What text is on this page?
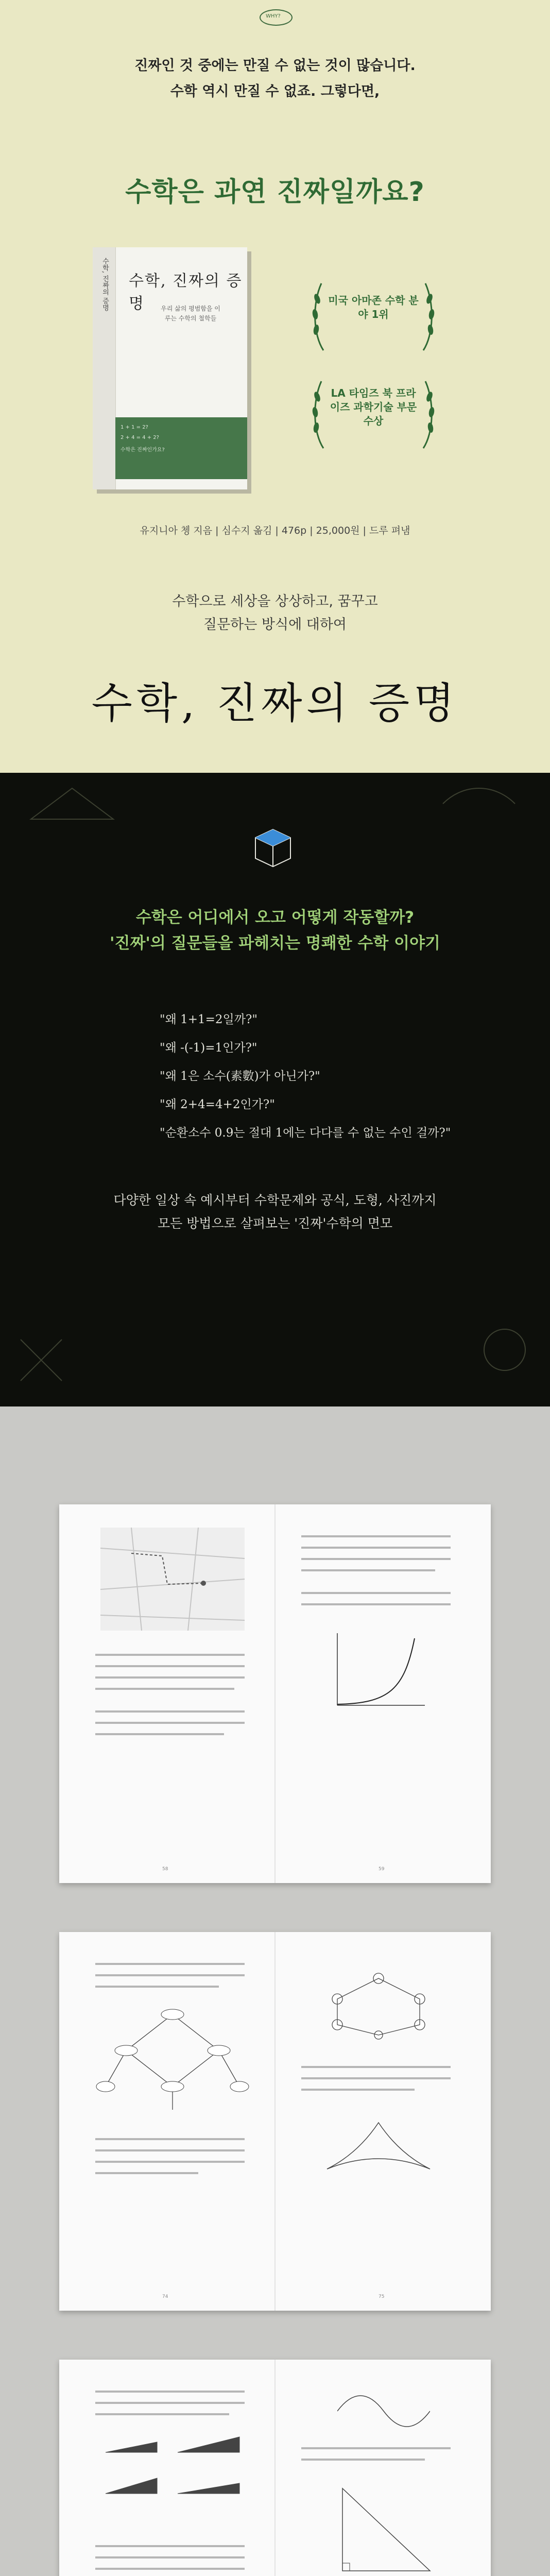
WHY?
진짜인 것 중에는 만질 수 없는 것이 많습니다.
수학 역시 만질 수 없죠. 그렇다면,
수학은 과연 진짜일까요?
수학, 진짜의 증명 수학, 진짜의 증명	우리 삶의 평범함을 이루는 수학의 철학들
1 + 1 = 2?
2 + 4 = 4 + 2?
수학은 진짜인가요?
미국 아마존 수학 분야 1위
LA 타임즈 북 프라이즈 과학기술 부문 수상
유지니아 쳉 지음 | 심수지 옮김 | 476p | 25,000원 | 드루 펴냄
수학으로 세상을 상상하고, 꿈꾸고
질문하는 방식에 대하여
수학, 진짜의 증명
수학은 어디에서 오고 어떻게 작동할까?
'진짜'의 질문들을 파헤치는 명쾌한 수학 이야기
"왜 1+1=2일까?"
"왜 -(-1)=1인가?"
"왜 1은 소수(素數)가 아닌가?"
"왜 2+4=4+2인가?"
"순환소수 0.9는 절대 1에는 다다를 수 없는 수인 걸까?"
다양한 일상 속 예시부터 수학문제와 공식, 도형, 사진까지
모든 방법으로 살펴보는 '진짜'수학의 면모
58	59
74	75
